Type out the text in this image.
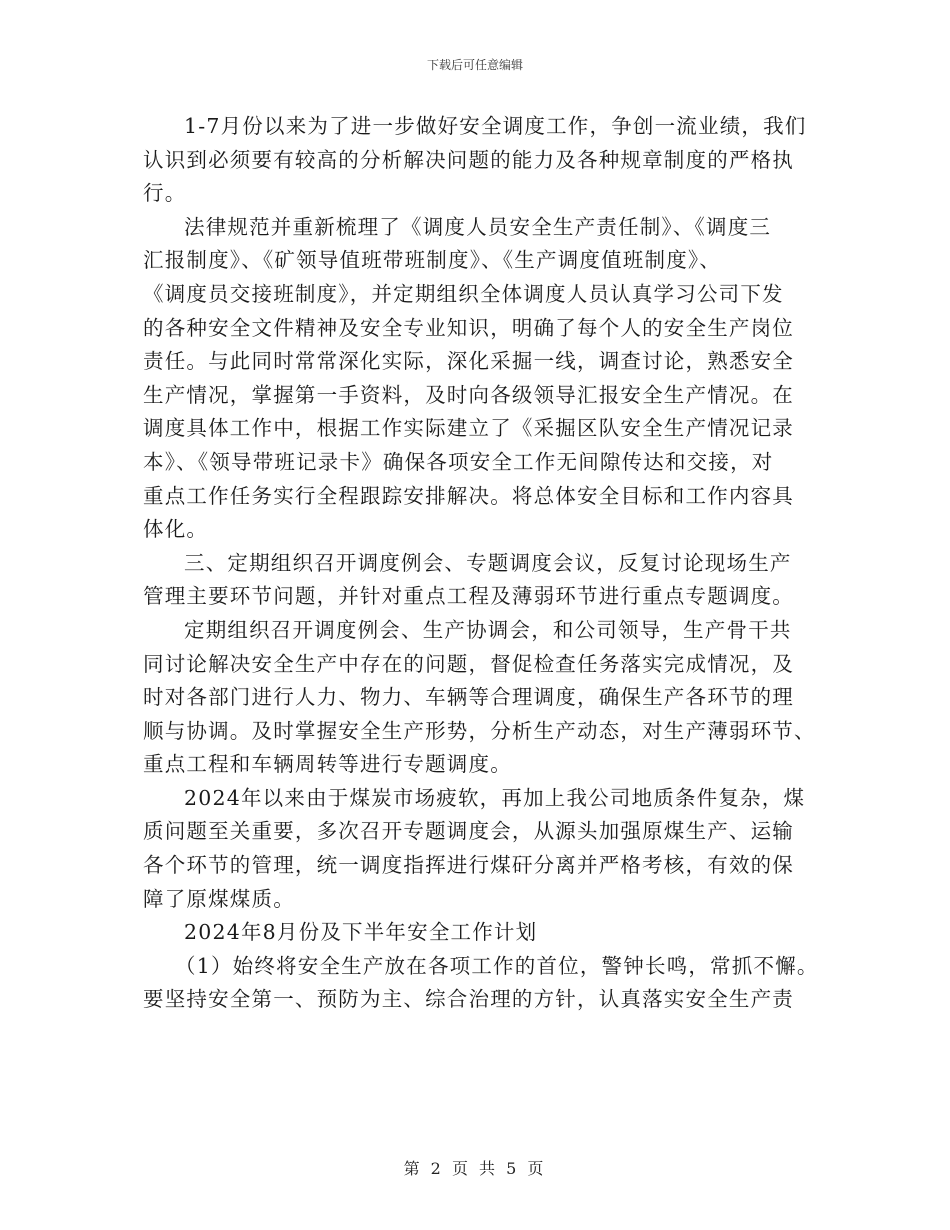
下载后可任意编辑

1-7月份以来为了进一步做好安全调度工作，争创一流业绩，我们
认识到必须要有较高的分析解决问题的能力及各种规章制度的严格执
行。

法律规范并重新梳理了《调度人员安全生产责任制》、《调度三
汇报制度》、《矿领导值班带班制度》、《生产调度值班制度》、
《调度员交接班制度》，并定期组织全体调度人员认真学习公司下发
的各种安全文件精神及安全专业知识，明确了每个人的安全生产岗位
责任。与此同时常常深化实际，深化采掘一线，调查讨论，熟悉安全
生产情况，掌握第一手资料，及时向各级领导汇报安全生产情况。在
调度具体工作中，根据工作实际建立了《采掘区队安全生产情况记录
本》、《领导带班记录卡》确保各项安全工作无间隙传达和交接，对
重点工作任务实行全程跟踪安排解决。将总体安全目标和工作内容具
体化。

三、定期组织召开调度例会、专题调度会议，反复讨论现场生产
管理主要环节问题，并针对重点工程及薄弱环节进行重点专题调度。

定期组织召开调度例会、生产协调会，和公司领导，生产骨干共
同讨论解决安全生产中存在的问题，督促检查任务落实完成情况，及
时对各部门进行人力、物力、车辆等合理调度，确保生产各环节的理
顺与协调。及时掌握安全生产形势，分析生产动态，对生产薄弱环节、
重点工程和车辆周转等进行专题调度。

2024年以来由于煤炭市场疲软，再加上我公司地质条件复杂，煤
质问题至关重要，多次召开专题调度会，从源头加强原煤生产、运输
各个环节的管理，统一调度指挥进行煤矸分离并严格考核，有效的保
障了原煤煤质。

2024年8月份及下半年安全工作计划

（1）始终将安全生产放在各项工作的首位，警钟长鸣，常抓不懈。
要坚持安全第一、预防为主、综合治理的方针，认真落实安全生产责

第 2 页 共 5 页
